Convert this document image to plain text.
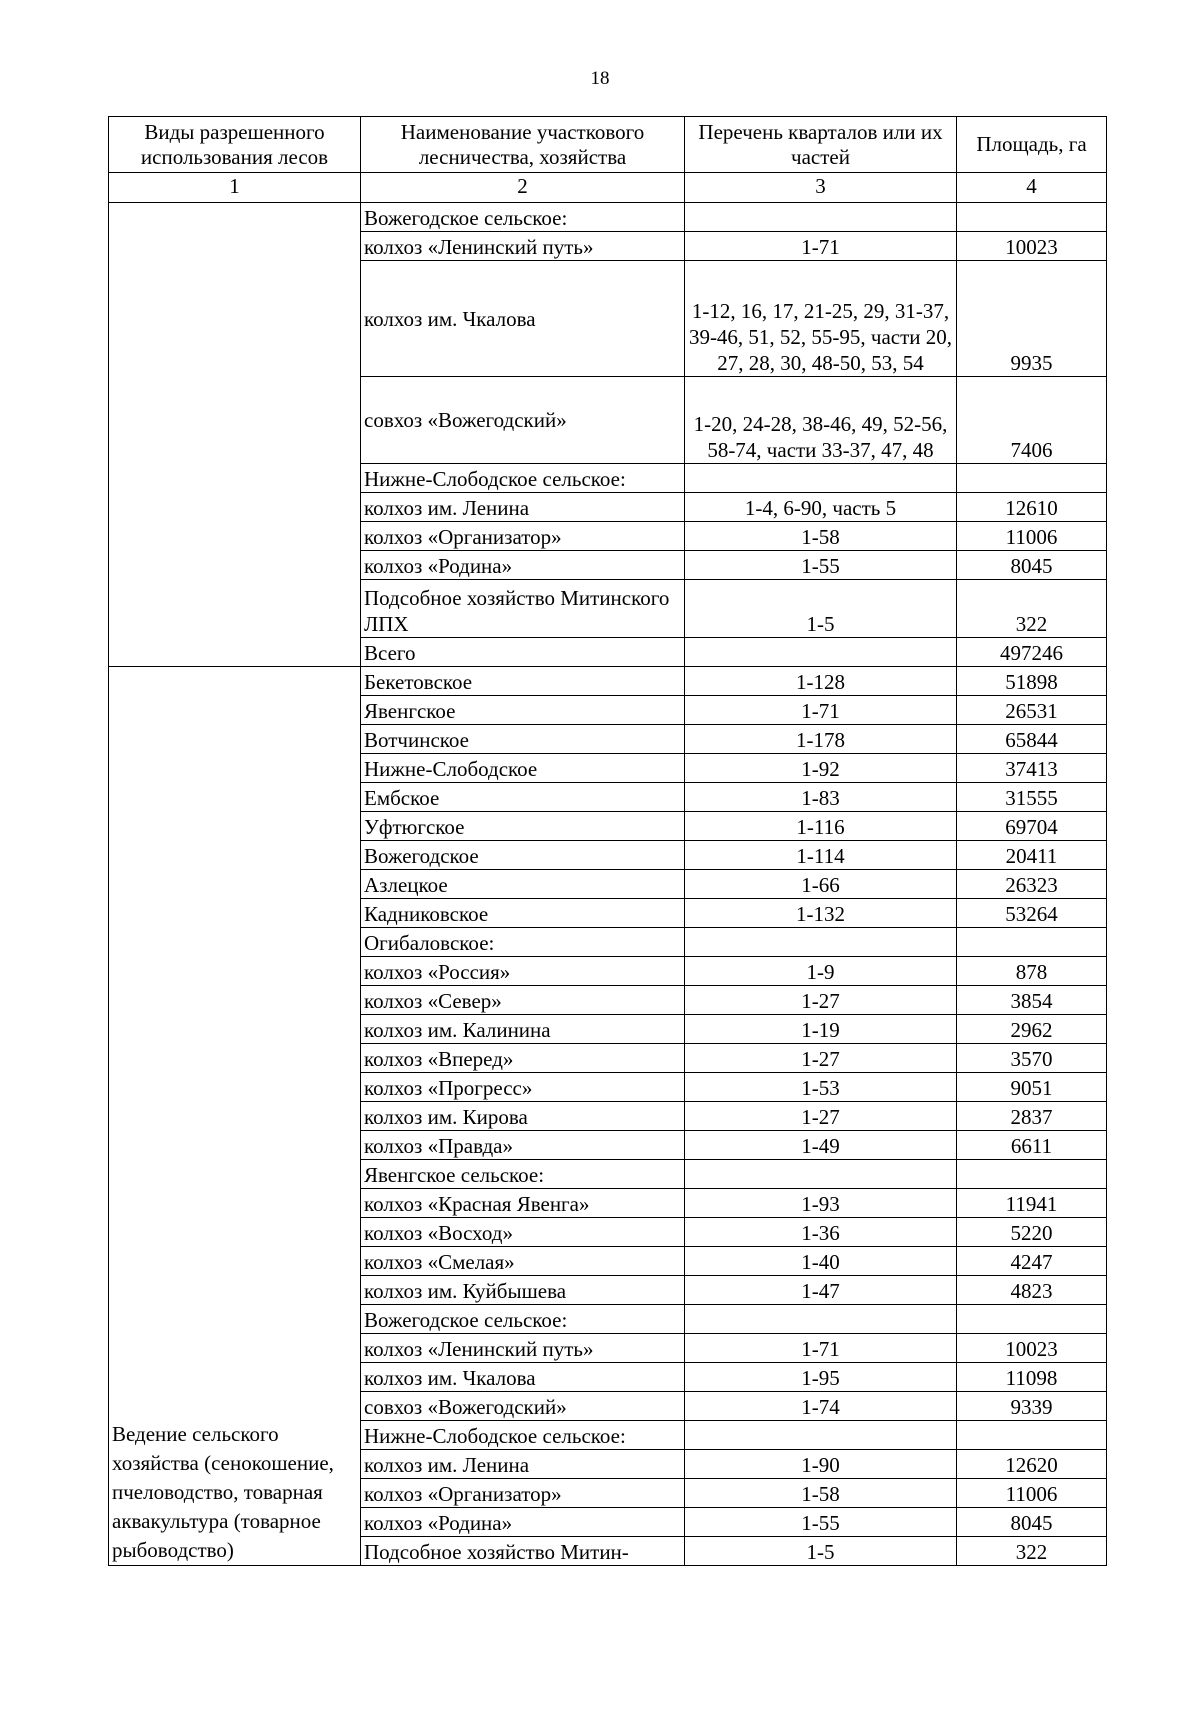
18
Виды разрешенного использования лесов	Наименование участкового лесничества, хозяйства	Перечень кварталов или их частей	Площадь, га
1	2	3	4
	Вожегодское сельское:		
	колхоз «Ленинский путь»	1-71	10023
	колхоз им. Чкалова	1-12, 16, 17, 21-25, 29, 31-37, 39-46, 51, 52, 55-95, части 20, 27, 28, 30, 48-50, 53, 54	9935
	совхоз «Вожегодский»	1-20, 24-28, 38-46, 49, 52-56, 58-74, части 33-37, 47, 48	7406
	Нижне-Слободское сельское:		
	колхоз им. Ленина	1-4, 6-90, часть 5	12610
	колхоз «Организатор»	1-58	11006
	колхоз «Родина»	1-55	8045
	Подсобное хозяйство Митинского ЛПХ	1-5	322
	Всего		497246
Ведение сельского хозяйства (сенокошение, пчеловодство, товарная аквакультура (товарное рыбоводство)	Бекетовское	1-128	51898
	Явенгское	1-71	26531
	Вотчинское	1-178	65844
	Нижне-Слободское	1-92	37413
	Ембское	1-83	31555
	Уфтюгское	1-116	69704
	Вожегодское	1-114	20411
	Азлецкое	1-66	26323
	Кадниковское	1-132	53264
	Огибаловское:		
	колхоз «Россия»	1-9	878
	колхоз «Север»	1-27	3854
	колхоз им. Калинина	1-19	2962
	колхоз «Вперед»	1-27	3570
	колхоз «Прогресс»	1-53	9051
	колхоз им. Кирова	1-27	2837
	колхоз «Правда»	1-49	6611
	Явенгское сельское:		
	колхоз «Красная Явенга»	1-93	11941
	колхоз «Восход»	1-36	5220
	колхоз «Смелая»	1-40	4247
	колхоз им. Куйбышева	1-47	4823
	Вожегодское сельское:		
	колхоз «Ленинский путь»	1-71	10023
	колхоз им. Чкалова	1-95	11098
	совхоз «Вожегодский»	1-74	9339
	Нижне-Слободское сельское:		
	колхоз им. Ленина	1-90	12620
	колхоз «Организатор»	1-58	11006
	колхоз «Родина»	1-55	8045
	Подсобное хозяйство Митин-	1-5	322
